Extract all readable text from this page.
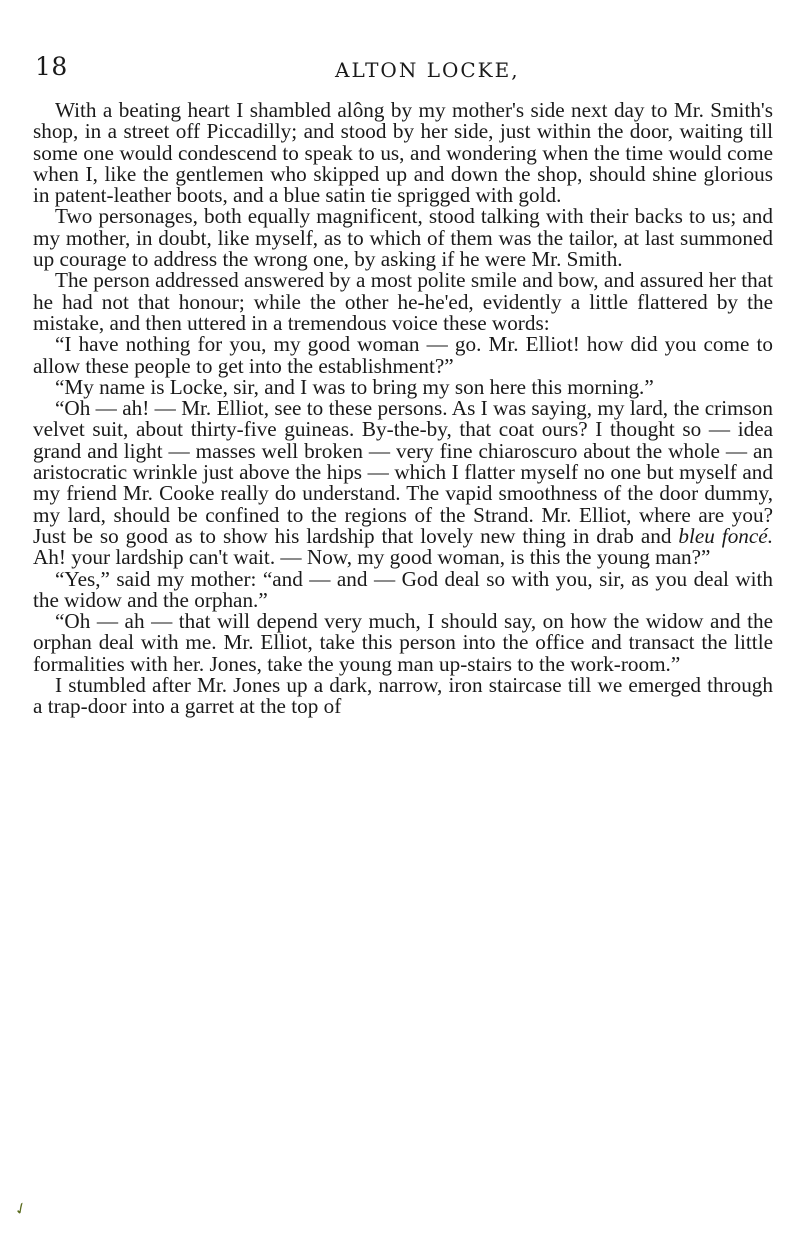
18	ALTON LOCKE,

With a beating heart I shambled alông by my mother's side next day to Mr. Smith's shop, in a street off Piccadilly; and stood by her side, just within the door, waiting till some one would condescend to speak to us, and wondering when the time would come when I, like the gentlemen who skipped up and down the shop, should shine glorious in patent-leather boots, and a blue satin tie sprigged with gold.

Two personages, both equally magnificent, stood talking with their backs to us; and my mother, in doubt, like myself, as to which of them was the tailor, at last summoned up courage to address the wrong one, by asking if he were Mr. Smith.

The person addressed answered by a most polite smile and bow, and assured her that he had not that honour; while the other he-he'ed, evidently a little flattered by the mistake, and then uttered in a tremendous voice these words:

“I have nothing for you, my good woman — go. Mr. Elliot! how did you come to allow these people to get into the establishment?”

“My name is Locke, sir, and I was to bring my son here this morning.”

“Oh — ah! — Mr. Elliot, see to these persons. As I was saying, my lard, the crimson velvet suit, about thirty-five guineas. By-the-by, that coat ours? I thought so — idea grand and light — masses well broken — very fine chiaroscuro about the whole — an aristocratic wrinkle just above the hips — which I flatter myself no one but myself and my friend Mr. Cooke really do understand. The vapid smoothness of the door dummy, my lard, should be confined to the regions of the Strand. Mr. Elliot, where are you? Just be so good as to show his lardship that lovely new thing in drab and bleu foncé. Ah! your lardship can't wait. — Now, my good woman, is this the young man?”

“Yes,” said my mother: “and — and — God deal so with you, sir, as you deal with the widow and the orphan.”

“Oh — ah — that will depend very much, I should say, on how the widow and the orphan deal with me. Mr. Elliot, take this person into the office and transact the little formalities with her. Jones, take the young man up-stairs to the work-room.”

I stumbled after Mr. Jones up a dark, narrow, iron staircase till we emerged through a trap-door into a garret at the top of

✓
